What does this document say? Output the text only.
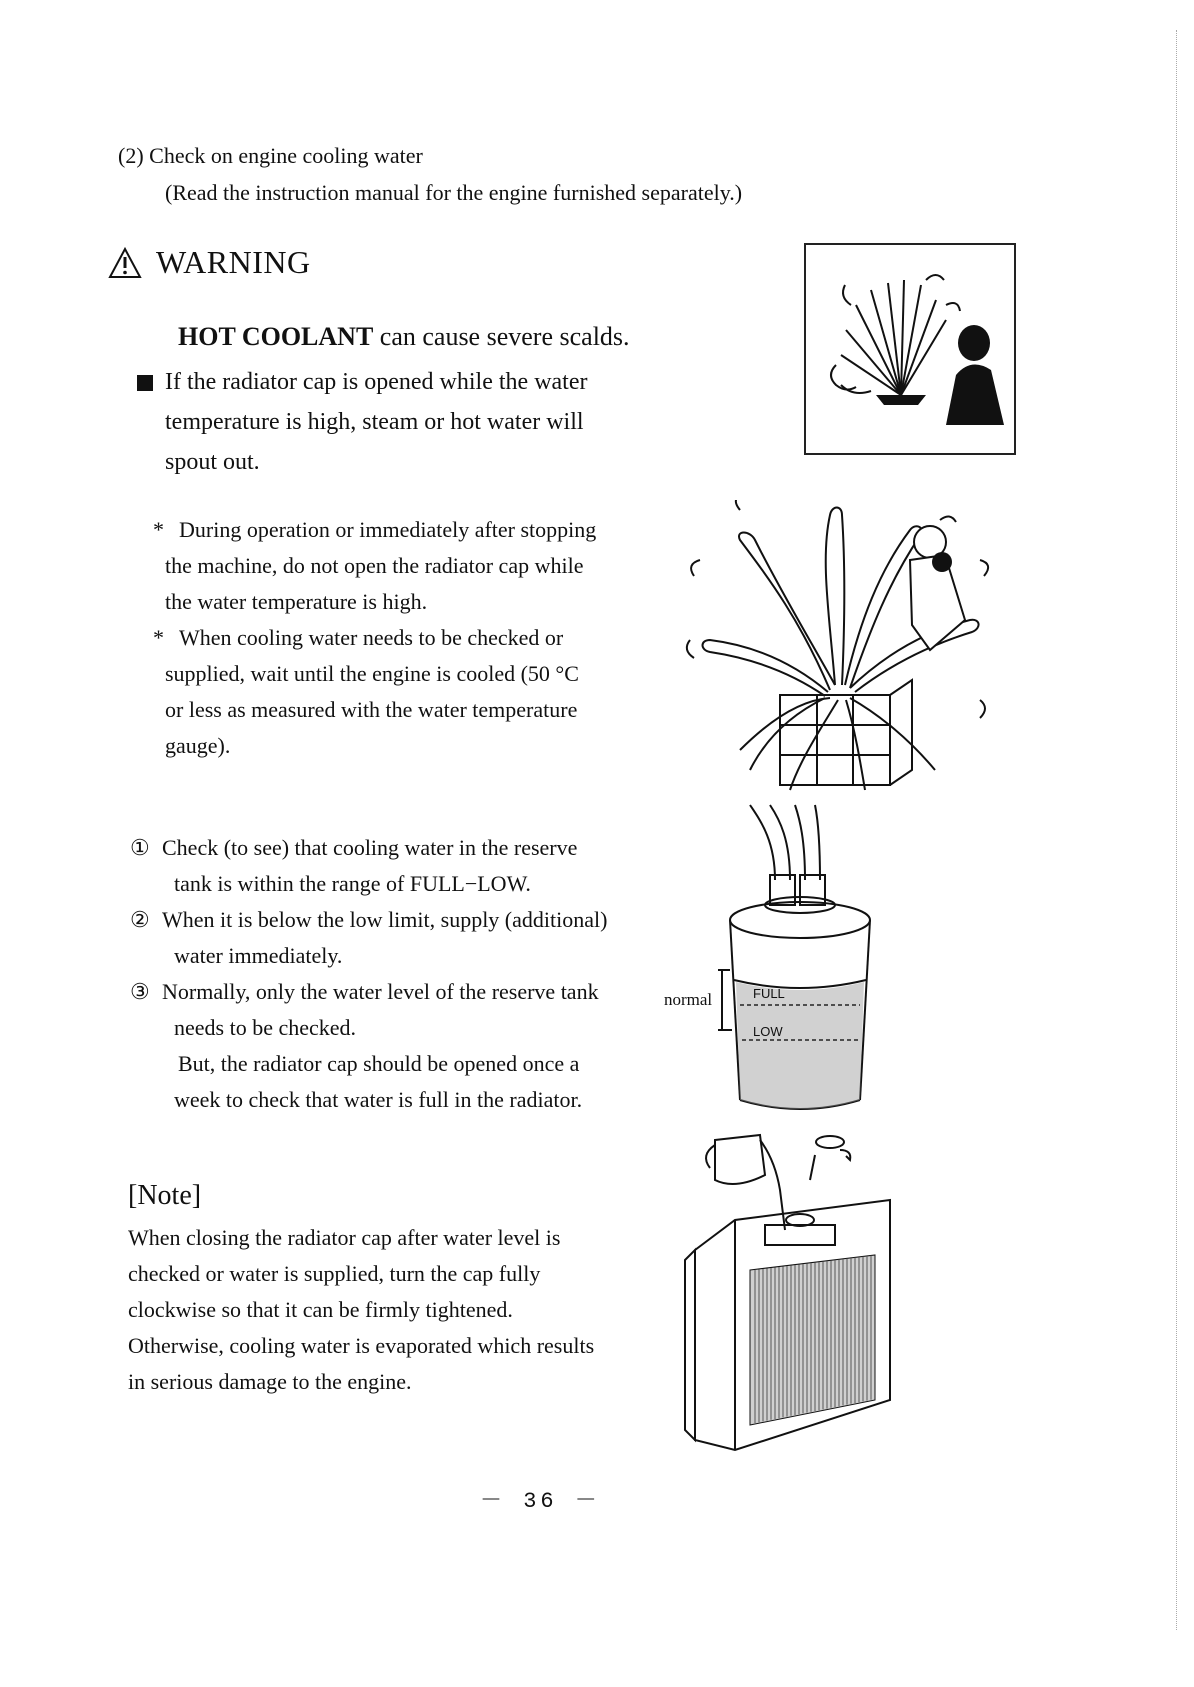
(2) Check on engine cooling water
(Read the instruction manual for the engine furnished separately.)
WARNING
HOT COOLANT can cause severe scalds.
If the radiator cap is opened while the water
temperature is high, steam or hot water will
spout out.
* During operation or immediately after stopping
the machine, do not open the radiator cap while
the water temperature is high.
* When cooling water needs to be checked or
supplied, wait until the engine is cooled (50 °C
or less as measured with the water temperature
gauge).
① Check (to see) that cooling water in the reserve
tank is within the range of FULL−LOW.
② When it is below the low limit, supply (additional)
water immediately.
③ Normally, only the water level of the reserve tank
needs to be checked.
But, the radiator cap should be opened once a
week to check that water is full in the radiator.
[Note]
When closing the radiator cap after water level is
checked or water is supplied, turn the cap fully
clockwise so that it can be firmly tightened.
Otherwise, cooling water is evaporated which results
in serious damage to the engine.
－ 36 －
FULL
LOW
normal
